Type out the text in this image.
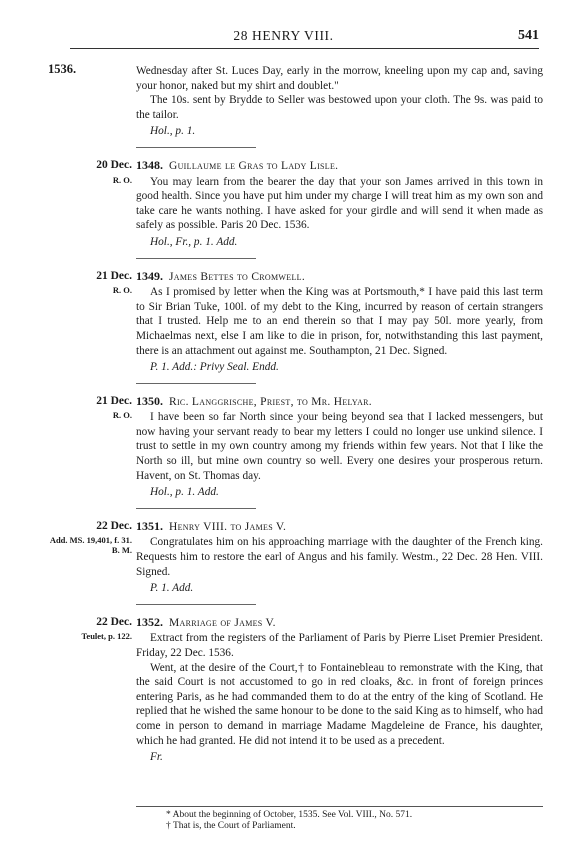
28 HENRY VIII.	541
1536.	Wednesday after St. Luces Day, early in the morrow, kneeling upon my cap and, saving your honor, naked but my shirt and doublet."

The 10s. sent by Brydde to Seller was bestowed upon your cloth. The 9s. was paid to the tailor.

Hol., p. 1.

20 Dec.
R. O.
1348. Guillaume le Gras to Lady Lisle.

You may learn from the bearer the day that your son James arrived in this town in good health. Since you have put him under my charge I will treat him as my own son and take care he wants nothing. I have asked for your girdle and will send it when made as safely as possible. Paris 20 Dec. 1536.

Hol., Fr., p. 1. Add.

21 Dec.
R. O.
1349. James Bettes to Cromwell.

As I promised by letter when the King was at Portsmouth,* I have paid this last term to Sir Brian Tuke, 100l. of my debt to the King, incurred by reason of certain strangers that I trusted. Help me to an end therein so that I may pay 50l. more yearly, from Michaelmas next, else I am like to die in prison, for, notwithstanding this last payment, there is an attachment out against me. Southampton, 21 Dec. Signed.

P. 1. Add.: Privy Seal. Endd.

21 Dec.
R. O.
1350. Ric. Langgrische, Priest, to Mr. Helyar.

I have been so far North since your being beyond sea that I lacked messengers, but now having your servant ready to bear my letters I could no longer use unkind silence. I trust to settle in my own country among my friends within few years. Not that I like the North so ill, but mine own country so well. Every one desires your prosperous return. Havent, on St. Thomas day.

Hol., p. 1. Add.

22 Dec.
Add. MS. 19,401, f. 31. B. M.
1351. Henry VIII. to James V.

Congratulates him on his approaching marriage with the daughter of the French king. Requests him to restore the earl of Angus and his family. Westm., 22 Dec. 28 Hen. VIII. Signed.

P. 1. Add.

22 Dec.
Teulet, p. 122.
1352. Marriage of James V.

Extract from the registers of the Parliament of Paris by Pierre Liset Premier President. Friday, 22 Dec. 1536.

Went, at the desire of the Court,† to Fontainebleau to remonstrate with the King, that the said Court is not accustomed to go in red cloaks, &c. in front of foreign princes entering Paris, as he had commanded them to do at the entry of the king of Scotland. He replied that he wished the same honour to be done to the said King as to himself, who had come in person to demand in marriage Madame Magdeleine de France, his daughter, which he had granted. He did not intend it to be used as a precedent.

Fr.

* About the beginning of October, 1535. See Vol. VIII., No. 571.
† That is, the Court of Parliament.
